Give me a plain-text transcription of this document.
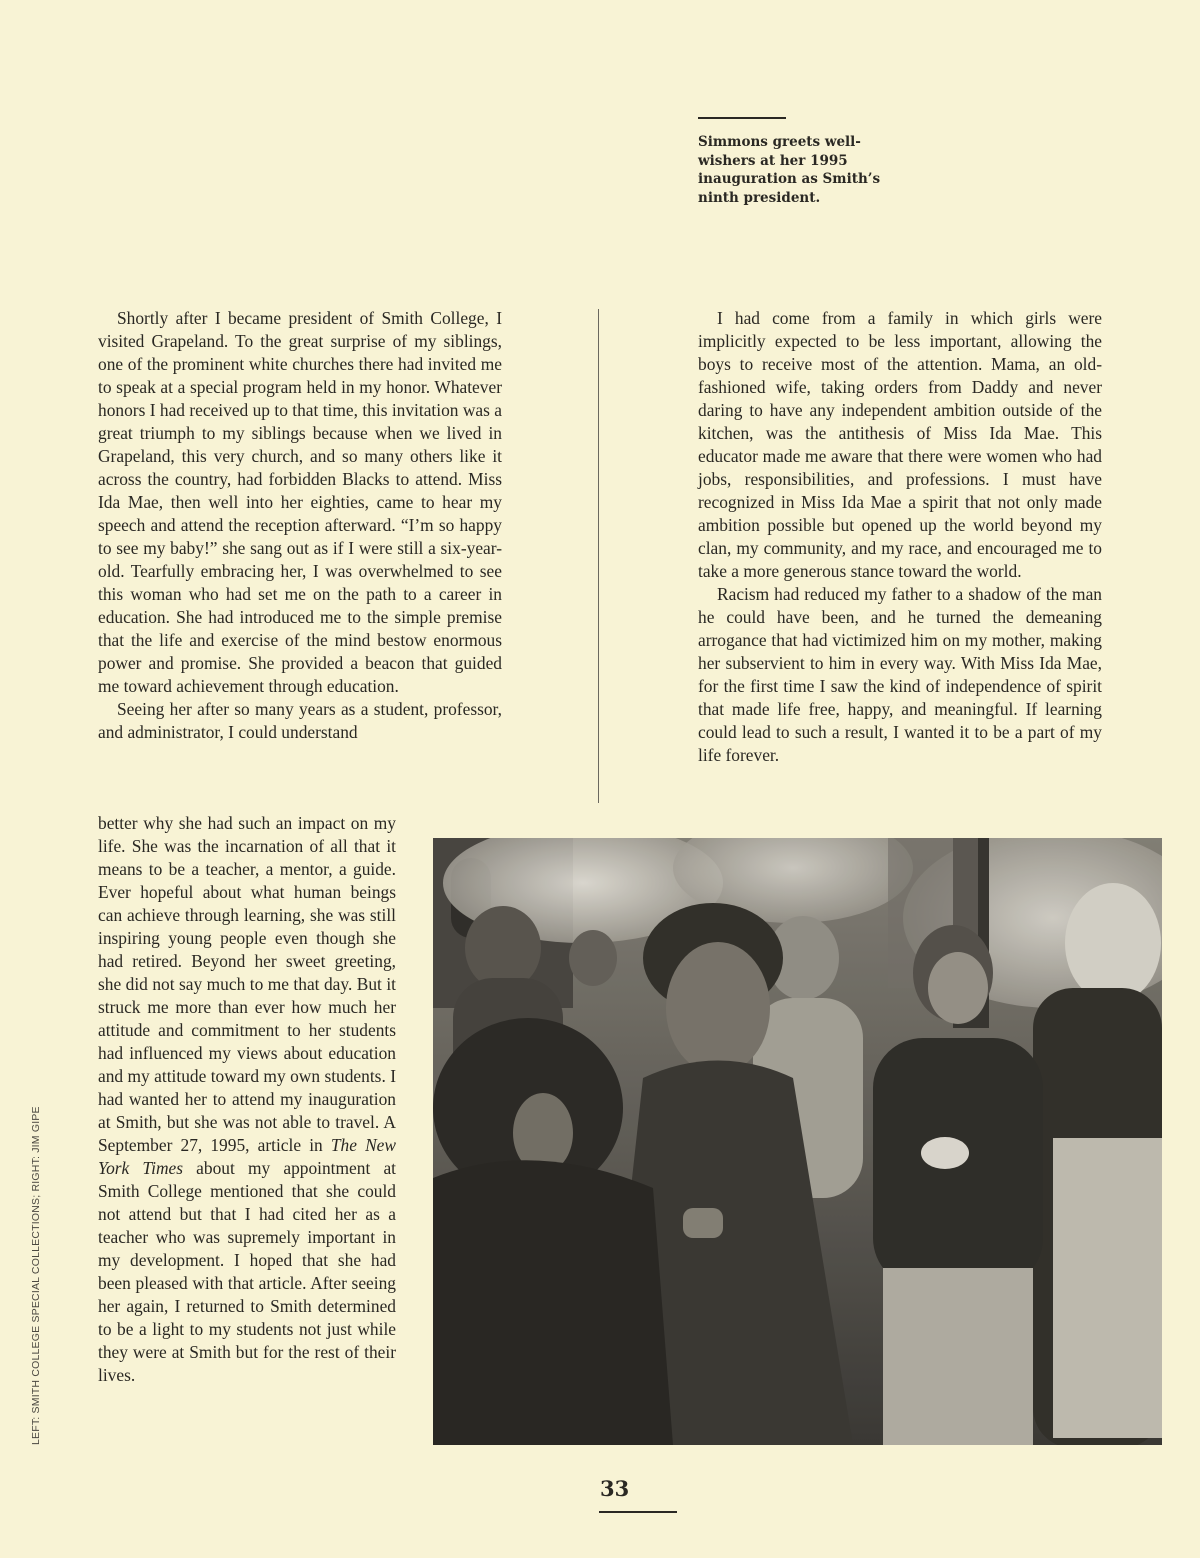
Simmons greets well-
wishers at her 1995
inauguration as Smith’s
ninth president.

Shortly after I became president of Smith College, I visited Grapeland. To the great surprise of my siblings, one of the prominent white churches there had invited me to speak at a special program held in my honor. Whatever honors I had received up to that time, this invitation was a great triumph to my siblings because when we lived in Grapeland, this very church, and so many others like it across the country, had forbidden Blacks to attend. Miss Ida Mae, then well into her eighties, came to hear my speech and attend the reception afterward. “I’m so happy to see my baby!” she sang out as if I were still a six-year-old. Tearfully embracing her, I was overwhelmed to see this woman who had set me on the path to a career in education. She had introduced me to the simple premise that the life and exercise of the mind bestow enormous power and promise. She provided a beacon that guided me toward achievement through education.

Seeing her after so many years as a student, professor, and administrator, I could understand

better why she had such an impact on my life. She was the incarnation of all that it means to be a teacher, a mentor, a guide. Ever hopeful about what human beings can achieve through learning, she was still inspiring young people even though she had retired. Beyond her sweet greeting, she did not say much to me that day. But it struck me more than ever how much her attitude and commitment to her students had influenced my views about education and my attitude toward my own students. I had wanted her to attend my inauguration at Smith, but she was not able to travel. A September 27, 1995, article in The New York Times about my appointment at Smith College mentioned that she could not attend but that I had cited her as a teacher who was supremely important in my development. I hoped that she had been pleased with that article. After seeing her again, I returned to Smith determined to be a light to my students not just while they were at Smith but for the rest of their lives.

I had come from a family in which girls were implicitly expected to be less important, allowing the boys to receive most of the attention. Mama, an old-fashioned wife, taking orders from Daddy and never daring to have any independent ambition outside of the kitchen, was the antithesis of Miss Ida Mae. This educator made me aware that there were women who had jobs, responsibilities, and professions. I must have recognized in Miss Ida Mae a spirit that not only made ambition possible but opened up the world beyond my clan, my community, and my race, and encouraged me to take a more generous stance toward the world.

Racism had reduced my father to a shadow of the man he could have been, and he turned the demeaning arrogance that had victimized him on my mother, making her subservient to him in every way. With Miss Ida Mae, for the first time I saw the kind of independence of spirit that made life free, happy, and meaningful. If learning could lead to such a result, I wanted it to be a part of my life forever.

LEFT: SMITH COLLEGE SPECIAL COLLECTIONS; RIGHT: JIM GIPE
33
